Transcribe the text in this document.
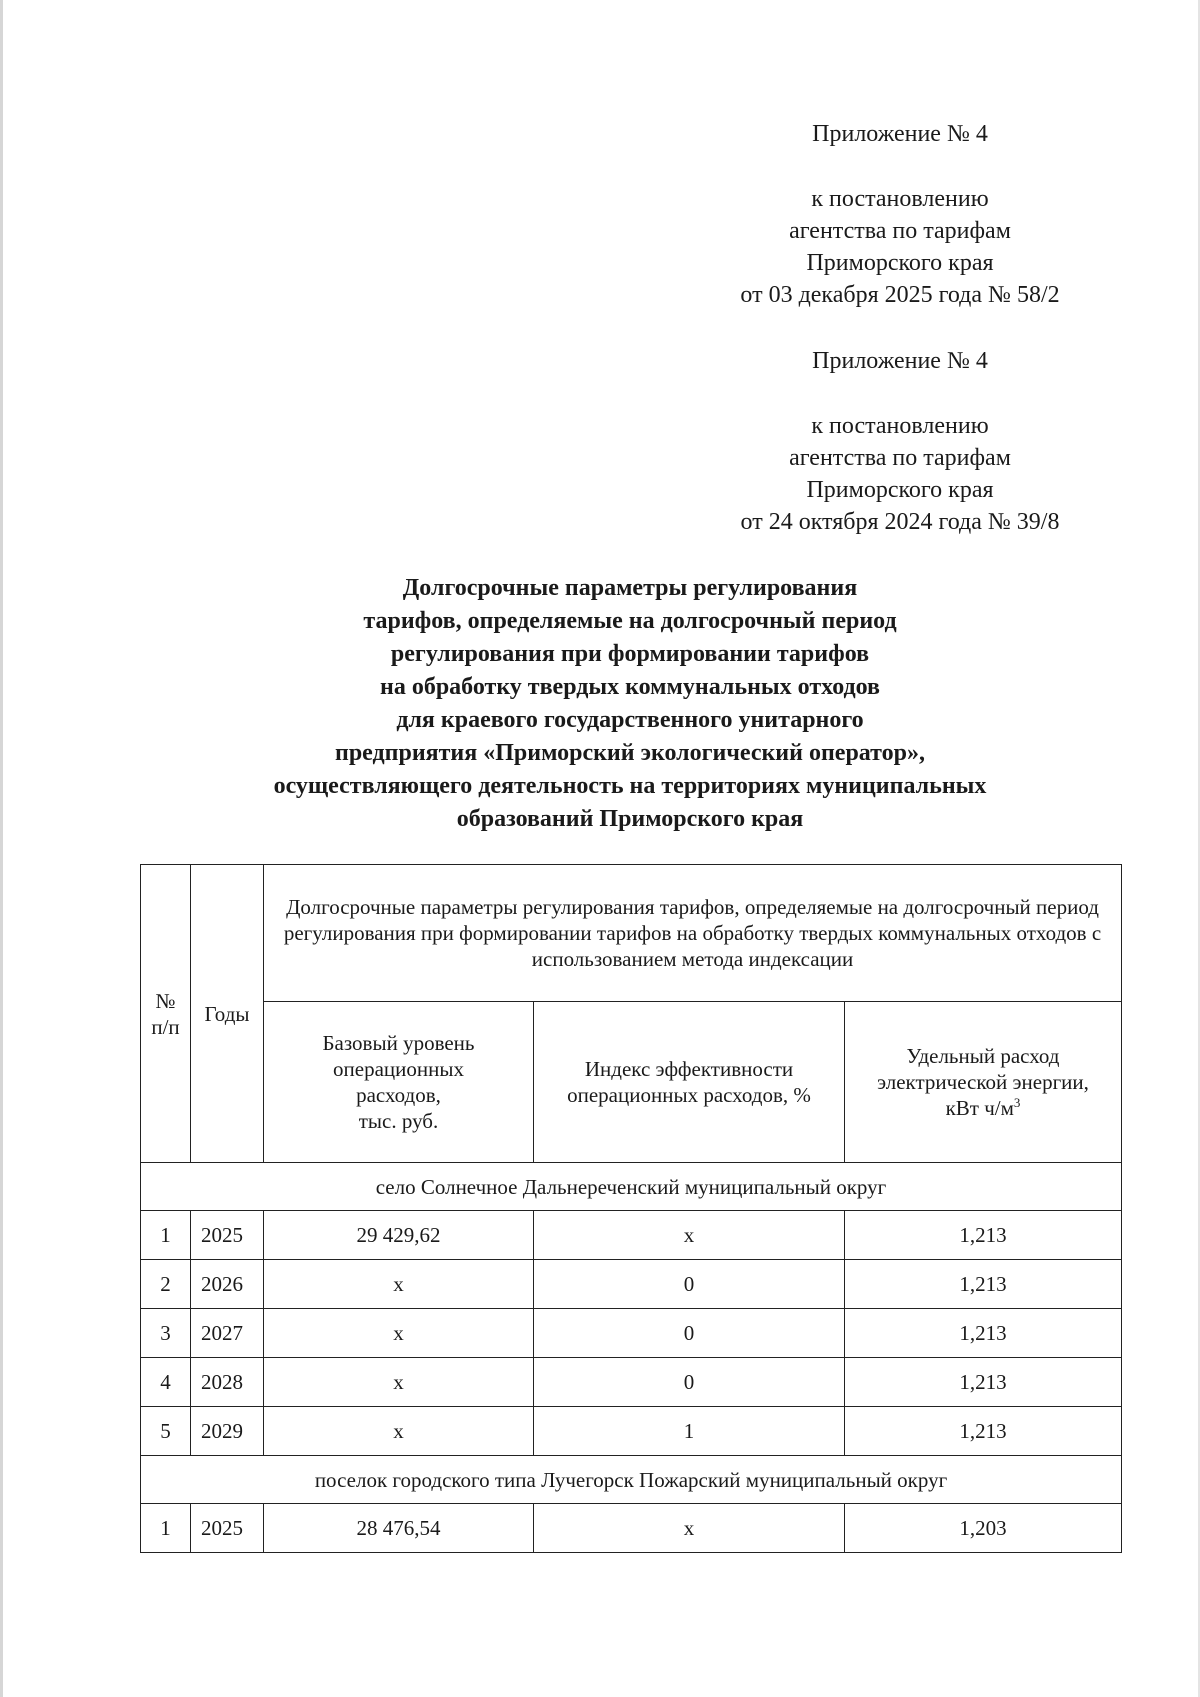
Приложение № 4
к постановлению
агентства по тарифам
Приморского края
от 03 декабря 2025 года № 58/2
Приложение № 4
к постановлению
агентства по тарифам
Приморского края
от 24 октября 2024 года № 39/8
Долгосрочные параметры регулирования
тарифов, определяемые на долгосрочный период
регулирования при формировании тарифов
на обработку твердых коммунальных отходов
для краевого государственного унитарного
предприятия «Приморский экологический оператор»,
осуществляющего деятельность на территориях муниципальных
образований Приморского края
№
п/п	Годы	Долгосрочные параметры регулирования тарифов, определяемые на долгосрочный период регулирования при формировании тарифов на обработку твердых коммунальных отходов с использованием метода индексации		
		Базовый уровень
операционных
расходов,
тыс. руб.	Индекс эффективности
операционных расходов, %	Удельный расход
электрической энергии,
кВт $ч/м^3$
село Солнечное Дальнереченский муниципальный округ				
1	2025	29 429,62	x	1,213
2	2026	x	0	1,213
3	2027	x	0	1,213
4	2028	x	0	1,213
5	2029	x	1	1,213
поселок городского типа Лучегорск Пожарский муниципальный округ				
1	2025	28 476,54	x	1,203
